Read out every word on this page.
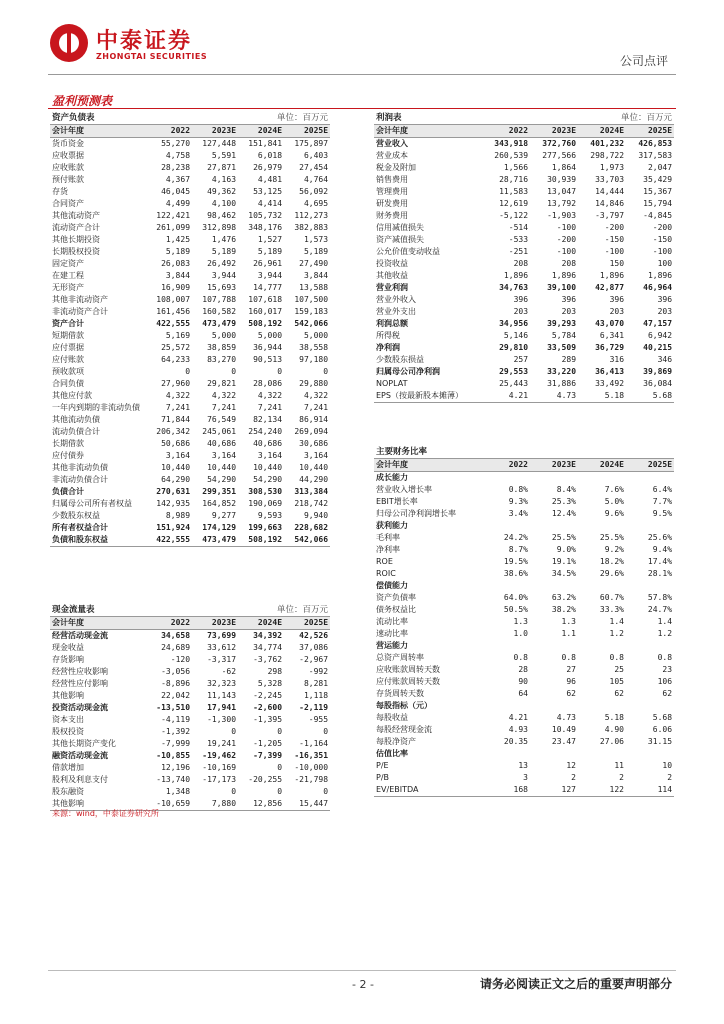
中泰证券
ZHONGTAI SECURITIES	公司点评
盈利预测表
资产负债表		单位：百万元		
会计年度	2022	2023E	2024E	2025E
货币资金	55,270	127,448	151,841	175,897
应收票据	4,758	5,591	6,018	6,403
应收账款	28,238	27,871	26,979	27,454
预付账款	4,367	4,163	4,481	4,764
存货	46,045	49,362	53,125	56,092
合同资产	4,499	4,100	4,414	4,695
其他流动资产	122,421	98,462	105,732	112,273
流动资产合计	261,099	312,898	348,176	382,883
其他长期投资	1,425	1,476	1,527	1,573
长期股权投资	5,189	5,189	5,189	5,189
固定资产	26,083	26,492	26,961	27,490
在建工程	3,844	3,944	3,944	3,844
无形资产	16,909	15,693	14,777	13,588
其他非流动资产	108,007	107,788	107,618	107,500
非流动资产合计	161,456	160,582	160,017	159,183
资产合计	422,555	473,479	508,192	542,066
短期借款	5,169	5,000	5,000	5,000
应付票据	25,572	38,859	36,944	38,558
应付账款	64,233	83,270	90,513	97,180
预收款项	0	0	0	0
合同负债	27,960	29,821	28,086	29,880
其他应付款	4,322	4,322	4,322	4,322
一年内到期的非流动负债	7,241	7,241	7,241	7,241
其他流动负债	71,844	76,549	82,134	86,914
流动负债合计	206,342	245,061	254,240	269,094
长期借款	50,686	40,686	40,686	30,686
应付债券	3,164	3,164	3,164	3,164
其他非流动负债	10,440	10,440	10,440	10,440
非流动负债合计	64,290	54,290	54,290	44,290
负债合计	270,631	299,351	308,530	313,384
归属母公司所有者权益	142,935	164,852	190,069	218,742
少数股东权益	8,989	9,277	9,593	9,940
所有者权益合计	151,924	174,129	199,663	228,682
负债和股东权益	422,555	473,479	508,192	542,066
利润表		单位：百万元		
会计年度	2022	2023E	2024E	2025E
营业收入	343,918	372,760	401,232	426,853
营业成本	260,539	277,566	298,722	317,583
税金及附加	1,566	1,864	1,973	2,047
销售费用	28,716	30,939	33,703	35,429
管理费用	11,583	13,047	14,444	15,367
研发费用	12,619	13,792	14,846	15,794
财务费用	-5,122	-1,903	-3,797	-4,845
信用减值损失	-514	-100	-200	-200
资产减值损失	-533	-200	-150	-150
公允价值变动收益	-251	-100	-100	-100
投资收益	208	208	150	100
其他收益	1,896	1,896	1,896	1,896
营业利润	34,763	39,100	42,877	46,964
营业外收入	396	396	396	396
营业外支出	203	203	203	203
利润总额	34,956	39,293	43,070	47,157
所得税	5,146	5,784	6,341	6,942
净利润	29,810	33,509	36,729	40,215
少数股东损益	257	289	316	346
归属母公司净利润	29,553	33,220	36,413	39,869
NOPLAT	25,443	31,886	33,492	36,084
EPS（按最新股本摊薄）	4.21	4.73	5.18	5.68
主要财务比率				
会计年度	2022	2023E	2024E	2025E
成长能力				
营业收入增长率	0.8%	8.4%	7.6%	6.4%
EBIT增长率	9.3%	25.3%	5.0%	7.7%
归母公司净利润增长率	3.4%	12.4%	9.6%	9.5%
获利能力				
毛利率	24.2%	25.5%	25.5%	25.6%
净利率	8.7%	9.0%	9.2%	9.4%
ROE	19.5%	19.1%	18.2%	17.4%
ROIC	38.6%	34.5%	29.6%	28.1%
偿债能力				
资产负债率	64.0%	63.2%	60.7%	57.8%
债务权益比	50.5%	38.2%	33.3%	24.7%
流动比率	1.3	1.3	1.4	1.4
速动比率	1.0	1.1	1.2	1.2
营运能力				
总资产周转率	0.8	0.8	0.8	0.8
应收账款周转天数	28	27	25	23
应付账款周转天数	90	96	105	106
存货周转天数	64	62	62	62
每股指标（元）				
每股收益	4.21	4.73	5.18	5.68
每股经营现金流	4.93	10.49	4.90	6.06
每股净资产	20.35	23.47	27.06	31.15
估值比率				
P/E	13	12	11	10
P/B	3	2	2	2
EV/EBITDA	168	127	122	114
现金流量表		单位：百万元		
会计年度	2022	2023E	2024E	2025E
经营活动现金流	34,658	73,699	34,392	42,526
现金收益	24,689	33,612	34,774	37,086
存货影响	-120	-3,317	-3,762	-2,967
经营性应收影响	-3,056	-62	298	-992
经营性应付影响	-8,896	32,323	5,328	8,281
其他影响	22,042	11,143	-2,245	1,118
投资活动现金流	-13,510	17,941	-2,600	-2,119
资本支出	-4,119	-1,300	-1,395	-955
股权投资	-1,392	0	0	0
其他长期资产变化	-7,999	19,241	-1,205	-1,164
融资活动现金流	-10,855	-19,462	-7,399	-16,351
借款增加	12,196	-10,169	0	-10,000
股利及利息支付	-13,740	-17,173	-20,255	-21,798
股东融资	1,348	0	0	0
其他影响	-10,659	7,880	12,856	15,447
来源：wind，中泰证券研究所
- 2 -	请务必阅读正文之后的重要声明部分
